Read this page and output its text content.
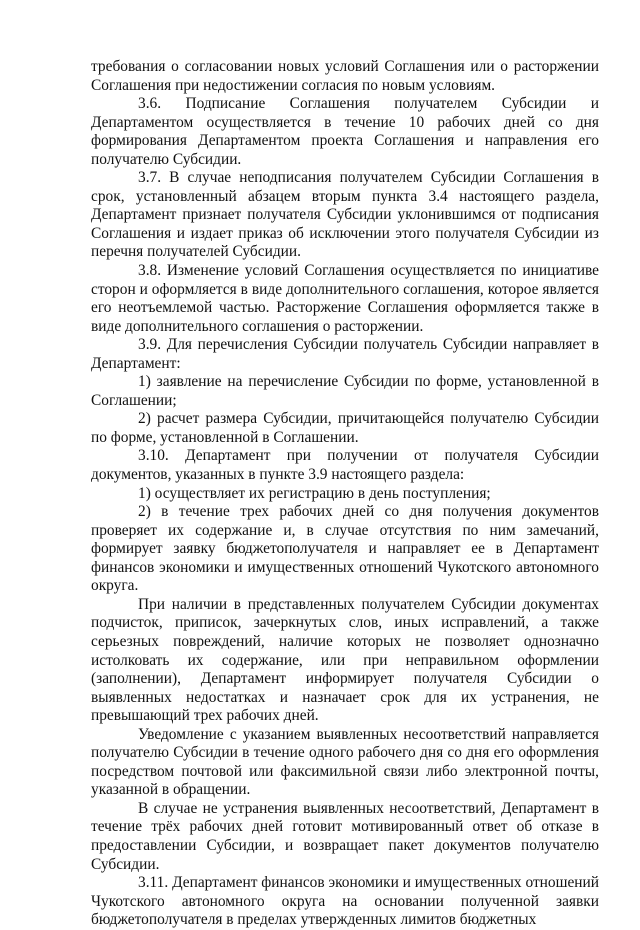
требования о согласовании новых условий Соглашения или о расторжении Соглашения при недостижении согласия по новым условиям.

3.6. Подписание Соглашения получателем Субсидии и Департаментом осуществляется в течение 10 рабочих дней со дня формирования Департаментом проекта Соглашения и направления его получателю Субсидии.

3.7. В случае неподписания получателем Субсидии Соглашения в срок, установленный абзацем вторым пункта 3.4 настоящего раздела, Департамент признает получателя Субсидии уклонившимся от подписания Соглашения и издает приказ об исключении этого получателя Субсидии из перечня получателей Субсидии.

3.8. Изменение условий Соглашения осуществляется по инициативе сторон и оформляется в виде дополнительного соглашения, которое является его неотъемлемой частью. Расторжение Соглашения оформляется также в виде дополнительного соглашения о расторжении.

3.9. Для перечисления Субсидии получатель Субсидии направляет в Департамент:

1) заявление на перечисление Субсидии по форме, установленной в Соглашении;

2) расчет размера Субсидии, причитающейся получателю Субсидии по форме, установленной в Соглашении.

3.10. Департамент при получении от получателя Субсидии документов, указанных в пункте 3.9 настоящего раздела:

1) осуществляет их регистрацию в день поступления;

2) в течение трех рабочих дней со дня получения документов проверяет их содержание и, в случае отсутствия по ним замечаний, формирует заявку бюджетополучателя и направляет ее в Департамент финансов экономики и имущественных отношений Чукотского автономного округа.

При наличии в представленных получателем Субсидии документах подчисток, приписок, зачеркнутых слов, иных исправлений, а также серьезных повреждений, наличие которых не позволяет однозначно истолковать их содержание, или при неправильном оформлении (заполнении), Департамент информирует получателя Субсидии о выявленных недостатках и назначает срок для их устранения, не превышающий трех рабочих дней.

Уведомление с указанием выявленных несоответствий направляется получателю Субсидии в течение одного рабочего дня со дня его оформления посредством почтовой или факсимильной связи либо электронной почты, указанной в обращении.

В случае не устранения выявленных несоответствий, Департамент в течение трёх рабочих дней готовит мотивированный ответ об отказе в предоставлении Субсидии, и возвращает пакет документов получателю Субсидии.

3.11. Департамент финансов экономики и имущественных отношений Чукотского автономного округа на основании полученной заявки бюджетополучателя в пределах утвержденных лимитов бюджетных
